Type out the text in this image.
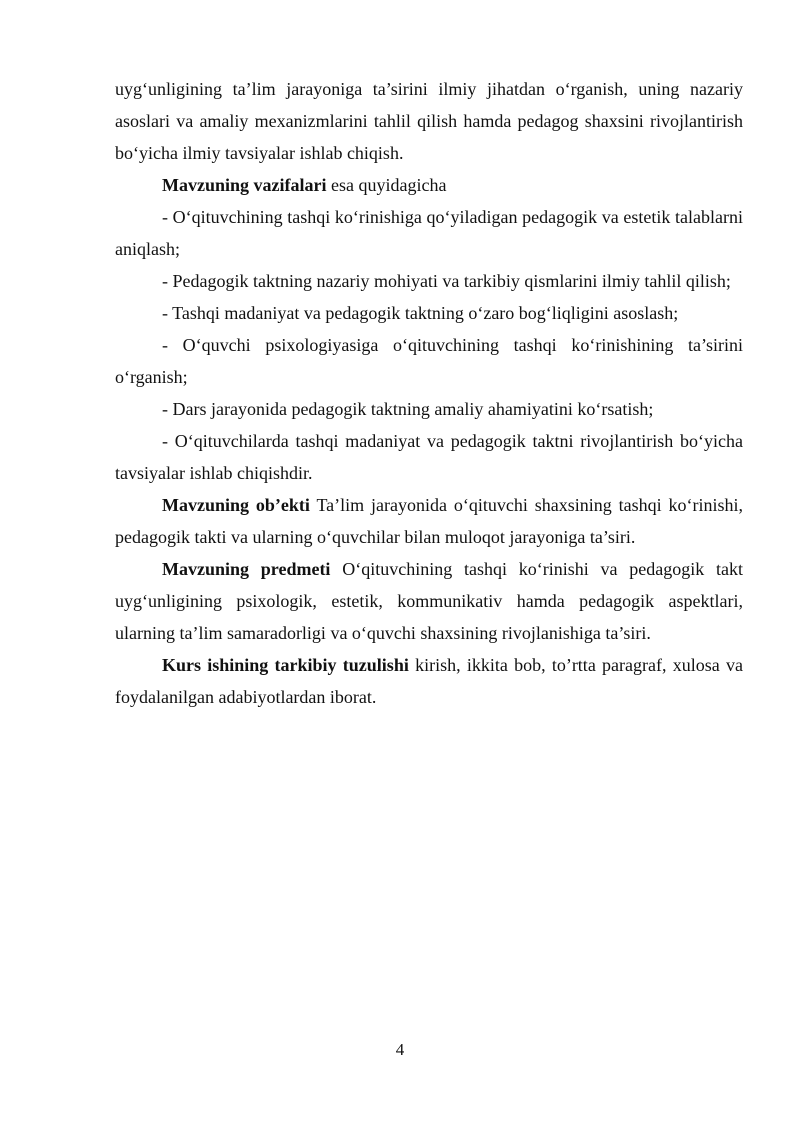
uyg‘unligining ta’lim jarayoniga ta’sirini ilmiy jihatdan o‘rganish, uning nazariy asoslari va amaliy mexanizmlarini tahlil qilish hamda pedagog shaxsini rivojlantirish bo‘yicha ilmiy tavsiyalar ishlab chiqish.

Mavzuning vazifalari esa quyidagicha

- O‘qituvchining tashqi ko‘rinishiga qo‘yiladigan pedagogik va estetik talablarni aniqlash;

- Pedagogik taktning nazariy mohiyati va tarkibiy qismlarini ilmiy tahlil qilish;

- Tashqi madaniyat va pedagogik taktning o‘zaro bog‘liqligini asoslash;

- O‘quvchi psixologiyasiga o‘qituvchining tashqi ko‘rinishining ta’sirini o‘rganish;

- Dars jarayonida pedagogik taktning amaliy ahamiyatini ko‘rsatish;

- O‘qituvchilarda tashqi madaniyat va pedagogik taktni rivojlantirish bo‘yicha tavsiyalar ishlab chiqishdir.

Mavzuning ob’ekti Ta’lim jarayonida o‘qituvchi shaxsining tashqi ko‘rinishi, pedagogik takti va ularning o‘quvchilar bilan muloqot jarayoniga ta’siri.

Mavzuning predmeti O‘qituvchining tashqi ko‘rinishi va pedagogik takt uyg‘unligining psixologik, estetik, kommunikativ hamda pedagogik aspektlari, ularning ta’lim samaradorligi va o‘quvchi shaxsining rivojlanishiga ta’siri.

Kurs ishining tarkibiy tuzulishi kirish, ikkita bob, to’rtta paragraf, xulosa va foydalanilgan adabiyotlardan iborat.

4
